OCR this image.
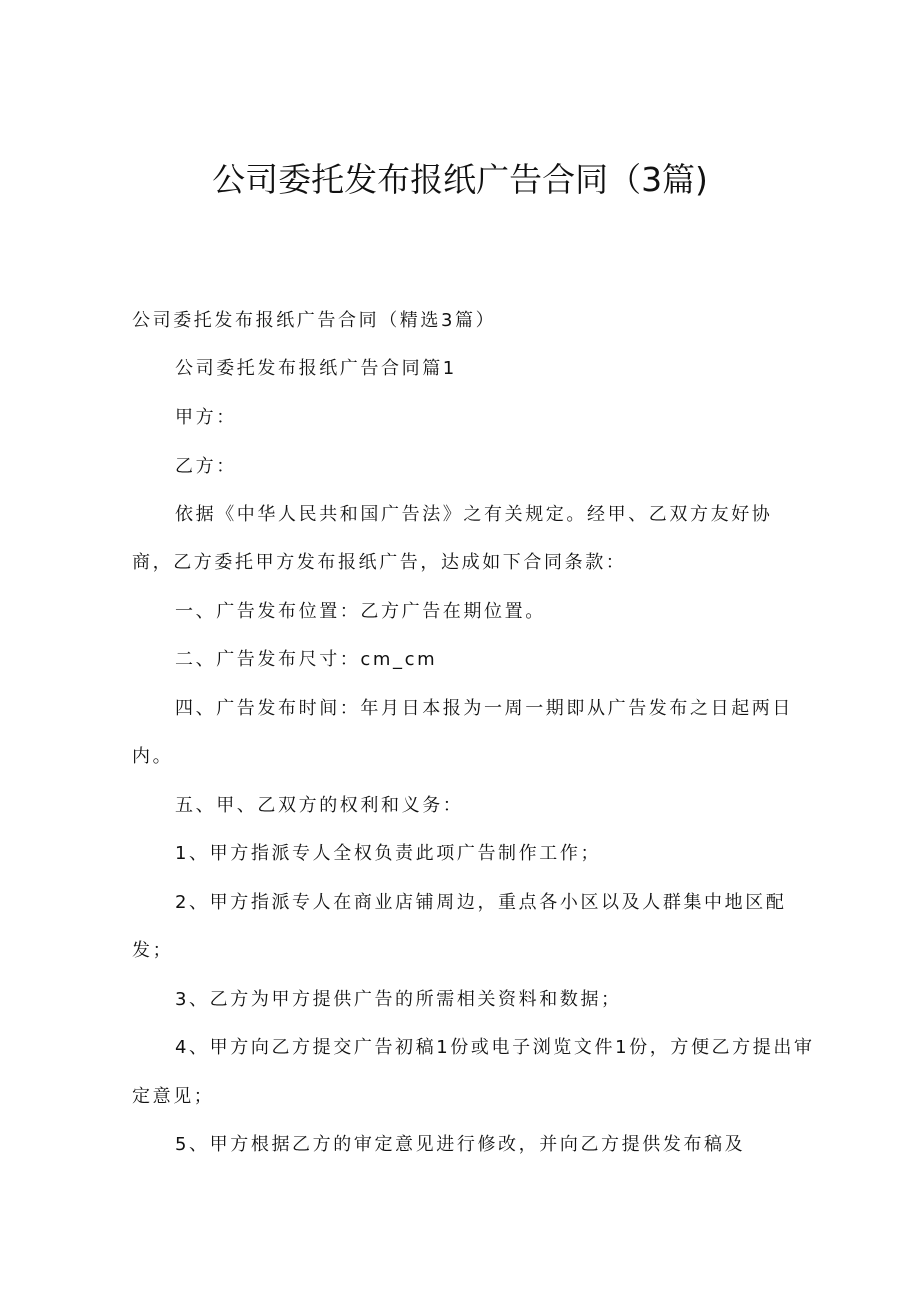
公司委托发布报纸广告合同（3篇)

公司委托发布报纸广告合同（精选3篇）

公司委托发布报纸广告合同篇1

甲方：

乙方：

依据《中华人民共和国广告法》之有关规定。经甲、乙双方友好协

商，乙方委托甲方发布报纸广告，达成如下合同条款：

一、广告发布位置：乙方广告在期位置。

二、广告发布尺寸：cm_cm

四、广告发布时间：年月日本报为一周一期即从广告发布之日起两日

内。

五、甲、乙双方的权利和义务：

1、甲方指派专人全权负责此项广告制作工作；

2、甲方指派专人在商业店铺周边，重点各小区以及人群集中地区配

发；

3、乙方为甲方提供广告的所需相关资料和数据；

4、甲方向乙方提交广告初稿1份或电子浏览文件1份，方便乙方提出审

定意见；

5、甲方根据乙方的审定意见进行修改，并向乙方提供发布稿及
